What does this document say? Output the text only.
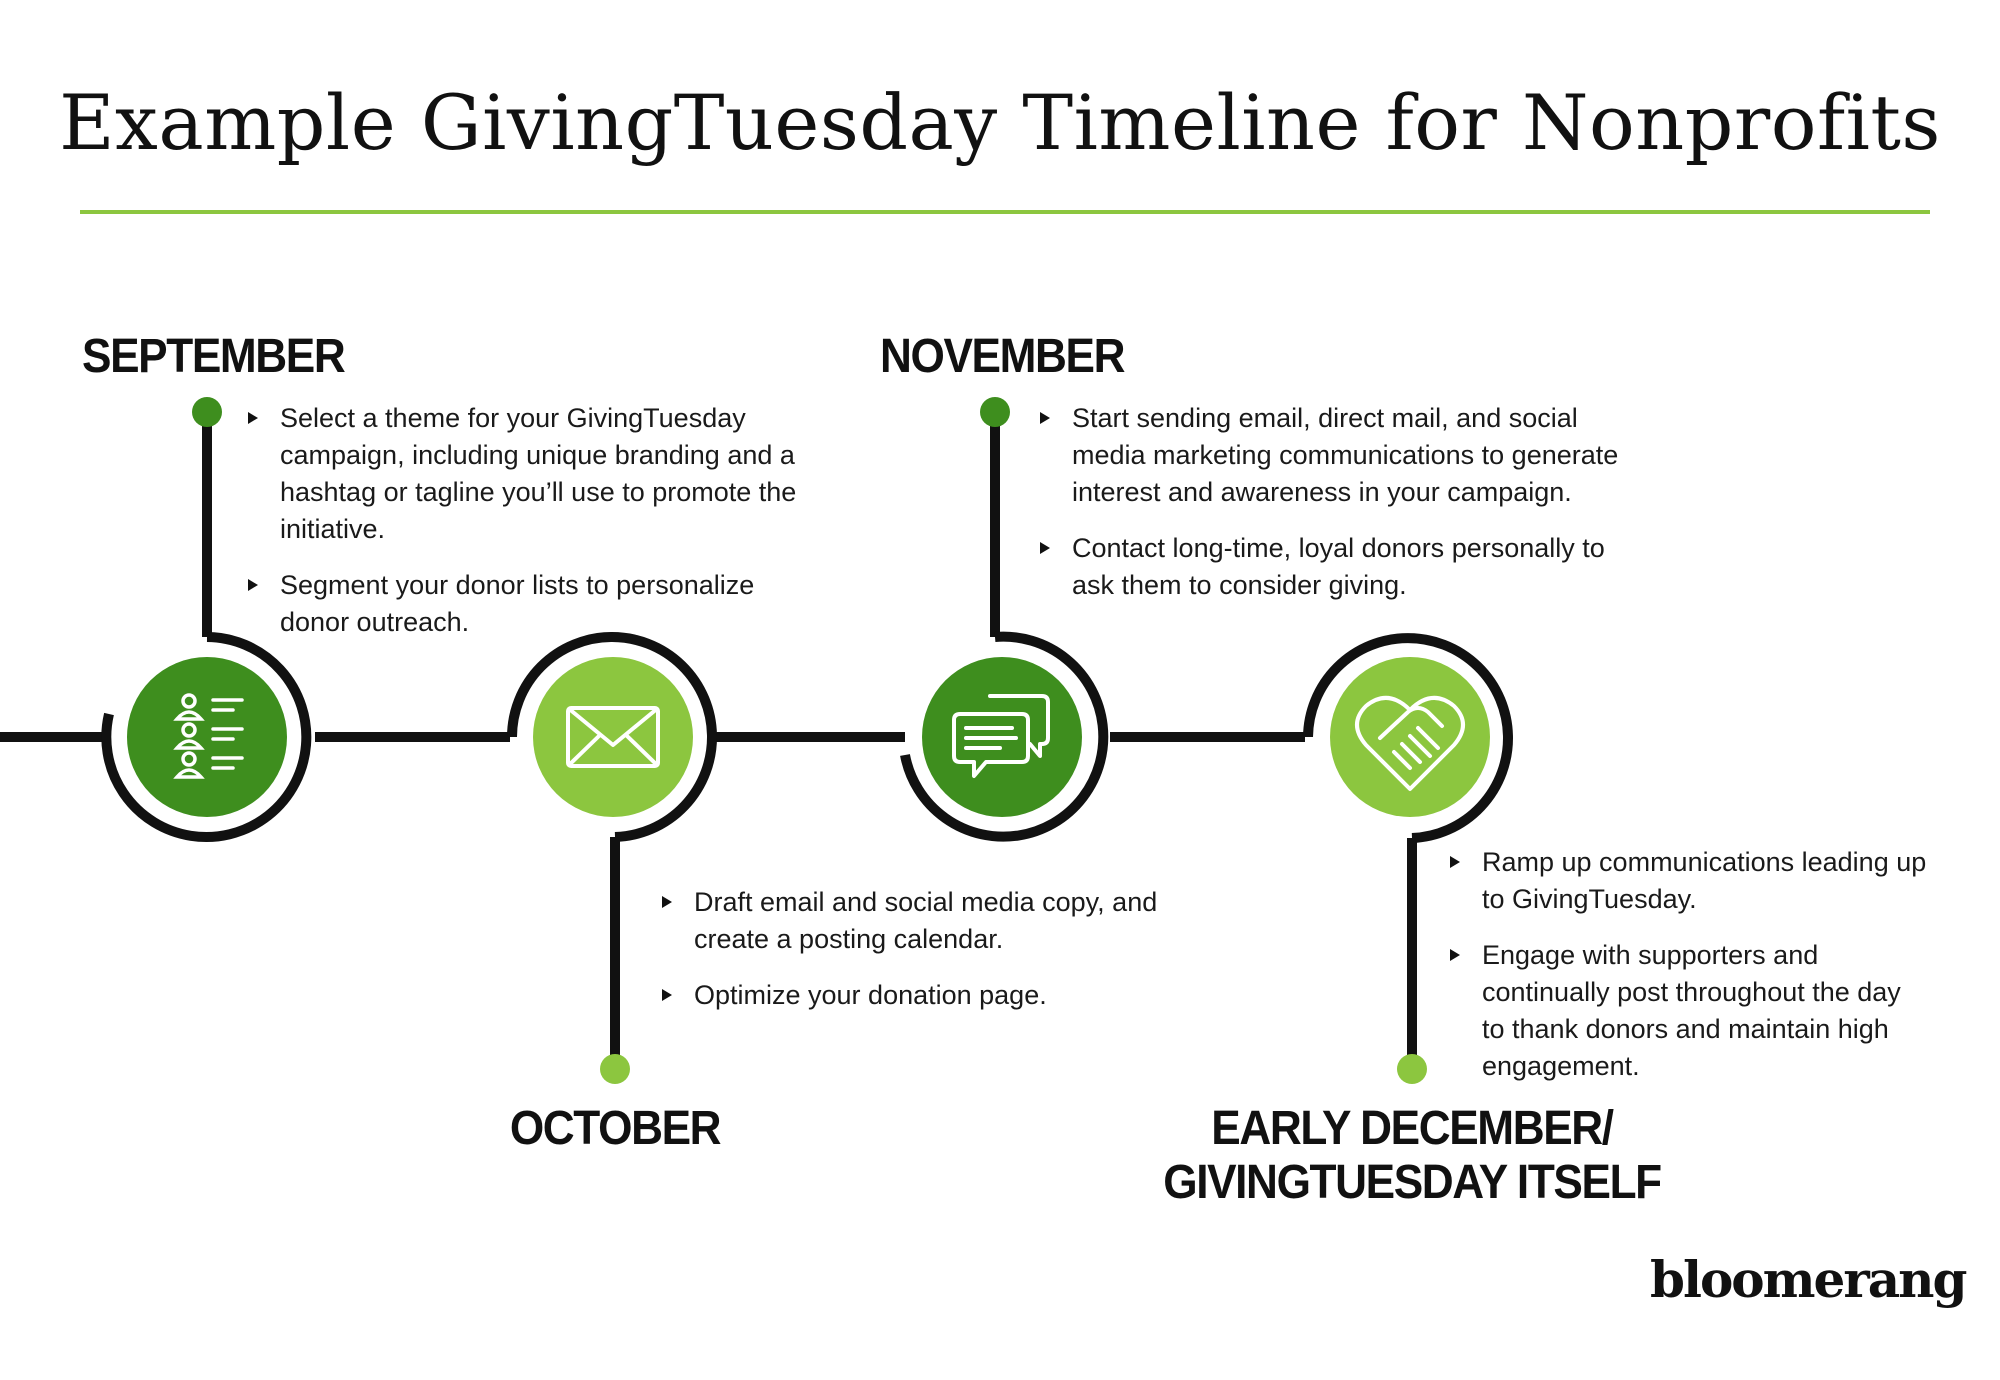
Example GivingTuesday Timeline for Nonprofits
SEPTEMBER
Select a theme for your GivingTuesday campaign, including unique branding and a hashtag or tagline you’ll use to promote the initiative.
Segment your donor lists to personalize donor outreach.
NOVEMBER
Start sending email, direct mail, and social media marketing communications to generate interest and awareness in your campaign.
Contact long-time, loyal donors personally to ask them to consider giving.
Draft email and social media copy, and create a posting calendar.
Optimize your donation page.
OCTOBER
Ramp up communications leading up to GivingTuesday.
Engage with supporters and continually post throughout the day to thank donors and maintain high engagement.
EARLY DECEMBER/
GIVINGTUESDAY ITSELF
bloomerang
